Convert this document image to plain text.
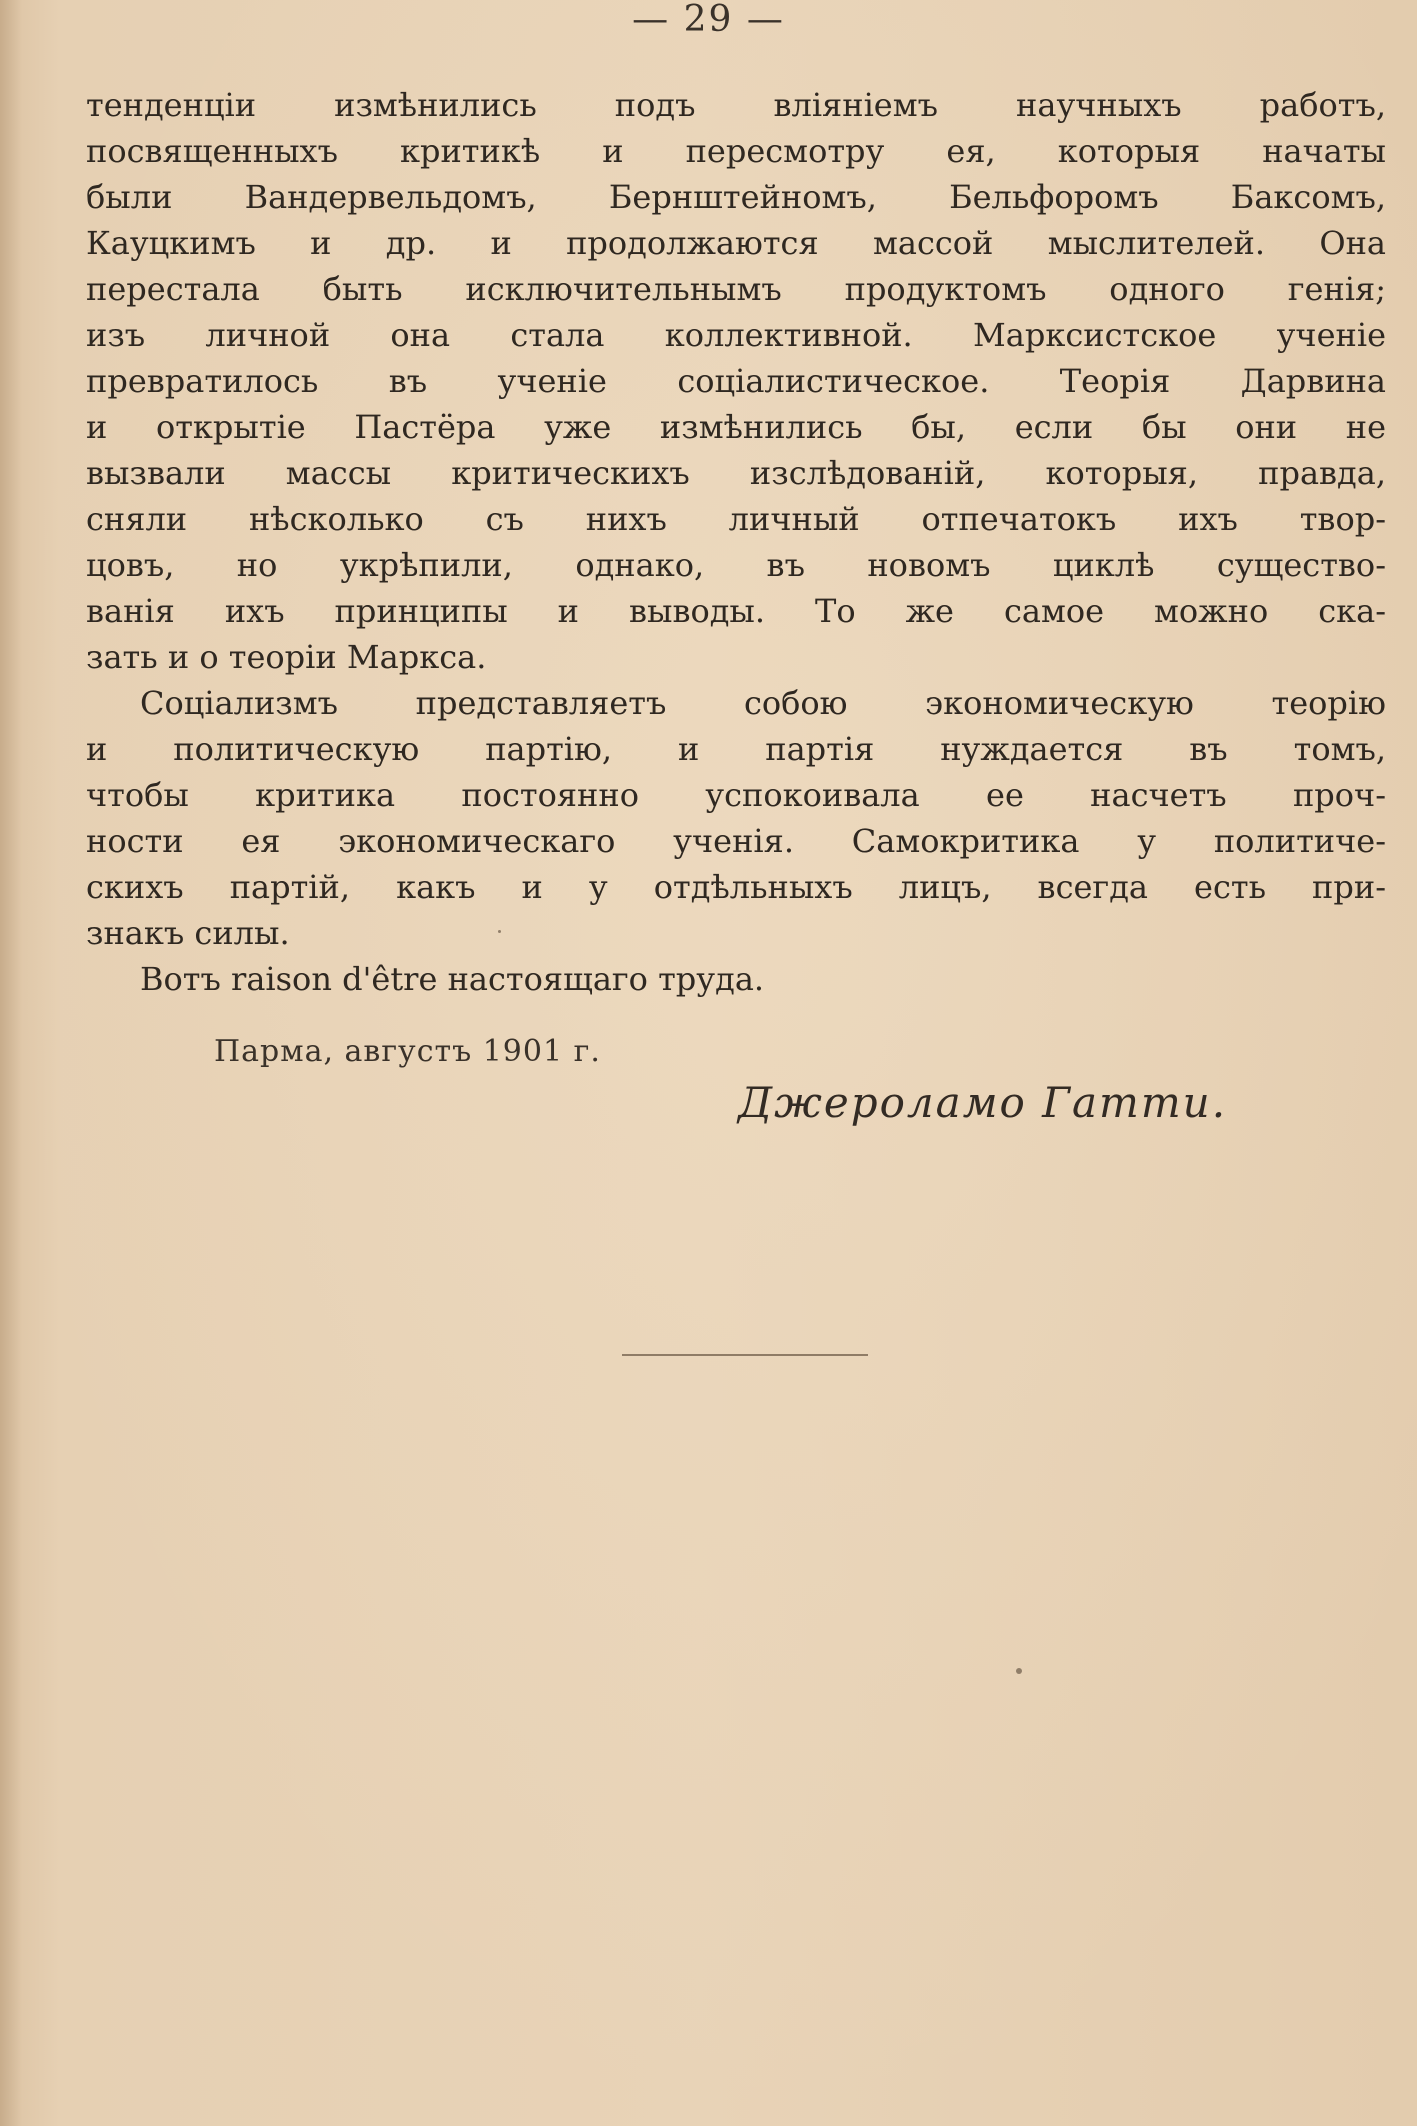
— 29 —
тенденціи измѣнились подъ вліяніемъ научныхъ работъ,
посвященныхъ критикѣ и пересмотру ея, которыя начаты
были Вандервельдомъ, Бернштейномъ, Бельфоромъ Баксомъ,
Кауцкимъ и др. и продолжаются массой мыслителей. Она
перестала быть исключительнымъ продуктомъ одного генія;
изъ личной она стала коллективной. Марксистское ученіе
превратилось въ ученіе соціалистическое. Теорія Дарвина
и открытіе Пастёра уже измѣнились бы, если бы они не
вызвали массы критическихъ изслѣдованій, которыя, правда,
сняли нѣсколько съ нихъ личный отпечатокъ ихъ твор-
цовъ, но укрѣпили, однако, въ новомъ циклѣ существо-
ванія ихъ принципы и выводы. То же самое можно ска-
зать и о теоріи Маркса.
Соціализмъ представляетъ собою экономическую теорію
и политическую партію, и партія нуждается въ томъ,
чтобы критика постоянно успокоивала ее насчетъ проч-
ности ея экономическаго ученія. Самокритика у политиче-
скихъ партій, какъ и у отдѣльныхъ лицъ, всегда есть при-
знакъ силы.
Вотъ raison d'être настоящаго труда.
Парма, августъ 1901 г.
Джероламо Гатти.
